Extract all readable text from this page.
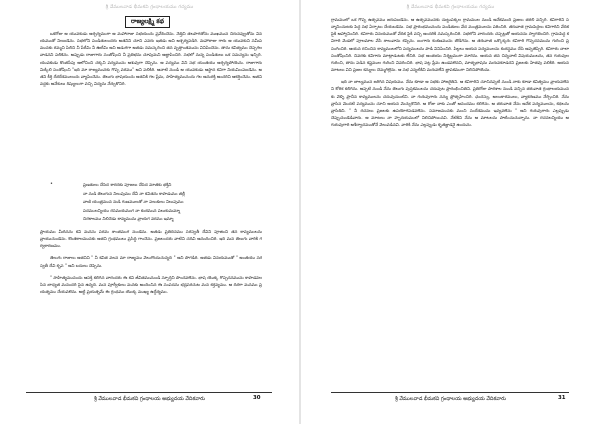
శ్రీ వేములవాడ భీమకవి గ్రంథాలయము గద్యము
రాజ్యలక్ష్మి కథ

ఒకరోజు ఆ యువకుడు ఆశ్చర్యముగా ఆ మహారాజు సభయందు ప్రవేశించెను. నెత్తిని తలపాగతోను ముఖమున చిరునవ్వుతోను వినయముతో నిలబడెను. సభలోని పండితులందరు అతనిని చూచి ఎవరు ఇతడు అని ఆశ్చర్యపడిరి. మహారాజు గారు ఆ యువకుని సమీపమునకు రమ్మని పిలిచి నీ పేరేమి నీ ఊరేమి అని అడుగగా అతడు నమస్కరించి తన వృత్తాంతమును వినిపించెను. తాను కవిత్వము చెప్పగల వాడనని పలికెను. అప్పుడు రాజుగారు సంతోషించి నీ ప్రతిభను చూపుమని ఆజ్ఞాపించిరి. సభలో నున్న పండితులు ఒక సమస్యను ఇచ్చిరి. యువకుడు కొంతసేపు ఆలోచించి చక్కని పద్యమును ఆశువుగా చెప్పెను. ఆ పద్యము విని సభ యంతయు ఆశ్చర్యపోయెను. రాజుగారు మిక్కిలి సంతోషించి "ఇది మా రాజ్యమునకు గొప్ప వరము" అని పలికిరి. ఆనాటి నుండి ఆ యువకుడు ఆస్థాన కవిగా నియమింపబడెను. అతని కీర్తి దేశదేశములందు వ్యాపించెను. తెలుగు భాషయందు అతనికి గల ప్రేమ, సాహిత్యమునందు గల అనురక్తి అందరిని ఆకర్షించెను. అతని వద్దకు అనేకులు శిష్యులుగా వచ్చి విద్యను నేర్చుకొనిరి.

•	ప్రణతులు చేసెద శారదకు పూజలు చేసెద మాతకు భక్తిని
నా నుడి తెలుగున నిలుపుము దేవీ నా కవితను కాపాడుము తల్లీ
వాణి యంత్రమున నుడి గుణములతో నా పలుకులు నిలుపుము
పదములన్నియు రసమయముగ నా కంఠమున పలుకుమమ్మా
చిరకాలము నిలిచెడు కావ్యమును వ్రాయగ వరము ఇమ్మా

ప్రాయము మీరినను కవి మనసు పరమ శాంతముగ నుండెను. అతడు ప్రతిదినము సరస్వతీ దేవిని పూజించి తన కావ్యములను వ్రాయుచుండెను. కొంతకాలమునకు అతని గ్రంథములు ప్రసిద్ధి గాంచెను. ప్రజలందరు వాటిని చదివి ఆనందించిరి. ఇది మన తెలుగు వారికి గర్వకారణము.

తెలుగు రాజులు అతనిని " నీ కవిత వలన మా రాజ్యము వెలుగొందుచున్నది " అని పొగడిరి. అతడు వినయముతో " అంతయు సరస్వతీ దేవి కృప " అని బదులు చెప్పెను.

" సాహిత్యమునందు ఆసక్తి కలిగిన వారందరు ఈ కవి జీవితమునుండి స్ఫూర్తిని పొందవలెను. భాష యొక్క గొప్పదనమును కాపాడవలసిన బాధ్యత మనందరి పైన ఉన్నది. మన పూర్వీకులు మనకు అందించిన ఈ సంపదను భద్రపరచుట మన కర్తవ్యము. ఆ దిశగా మనము ప్రయత్నము చేయవలెను. అట్టి ప్రయత్నమే ఈ గ్రంథము యొక్క ముఖ్య ఉద్దేశ్యము.

శ్రీ వేములవాడ భీమకవి గ్రంథాలయ అభ్యుదయ వేదికవారు	30
శ్రీ వేములవాడ భీమకవి గ్రంథాలయము గద్యము

గ్రామములో ఒక గొప్ప ఉత్సవము జరుపబడెను. ఆ ఉత్సవమునకు చుట్టుపక్కల గ్రామముల నుండి అనేకమంది ప్రజలు తరలి వచ్చిరి. కవిగారిని సన్మానించుటకు పెద్ద సభ ఏర్పాటు చేయబడెను. సభ ప్రారంభమునందు పండితులు వేద మంత్రములను పఠించిరి. తరువాత గ్రామపెద్దలు కవిగారిని వేదిక పైకి ఆహ్వానించిరి. కవిగారు వినయముతో వేదిక పైకి వచ్చి అందరికి నమస్కరించిరి. సభలోని వారందరు చప్పట్లతో ఆయనను స్వాగతించిరి. గ్రామపెద్ద కవిగారి మెడలో పూలమాల వేసి శాలువాను కప్పెను. బంగారు కంకణమును తొడిగెను. ఆ తరువాత ఒక్కొక్కరు కవిగారి గొప్పదనమును గురించి ప్రసంగించిరి. ఆయన రచించిన కావ్యములలోని పద్యములను పాడి వినిపించిరి. పిల్లలు ఆయన పద్యములను కంఠస్థము చేసి అప్పజెప్పిరి. కవిగారు చాలా సంతోషించిరి. చివరకు కవిగారు మాట్లాడుటకు లేచిరి. సభ అంతయు నిశ్శబ్దముగా మారెను. ఆయన తన చిన్ననాటి విషయములను, తన గురువుల గురించి, తాను పడిన కష్టముల గురించి వివరించిరి. భాష పట్ల ప్రేమ ఉండవలెనని, మాతృభాషను మరువకూడదని ప్రజలకు హితవు పలికిరి. ఆయన మాటలు విని ప్రజల కన్నులు చెమ్మగిల్లెను. ఆ సభ ఎన్నటికిని మరువలేని జ్ఞాపకముగా నిలిచిపోయెను.

ఇది నా బాల్యమున జరిగిన విషయము. నేను కూడా ఆ సభకు హాజరైతిని. ఆ కవిగారిని చూచినప్పటి నుండి నాకు కూడా కవిత్వము వ్రాయవలెనని కోరిక కలిగెను. అప్పటి నుండి నేను తెలుగు పుస్తకములను చదువుట ప్రారంభించితిని. ప్రతిరోజు పాఠశాల నుండి వచ్చిన తరువాత గ్రంథాలయమునకు వెళ్ళి ప్రాచీన కావ్యములను చదువుచుంటిని. నా గురువుగారు నన్ను ప్రోత్సహించిరి. ఛందస్సు, అలంకారములు, వ్యాకరణము నేర్పించిరి. నేను వ్రాసిన మొదటి పద్యమును చూచి ఆయన మెచ్చుకొనిరి. ఆ రోజు నాకు ఎంతో ఆనందము కలిగెను. ఆ తరువాత నేను అనేక పద్యములను, కథలను వ్రాసితిని. " నీ రచనలు ప్రజలకు ఉపయోగపడవలెను. సమాజమునకు మంచి సందేశమును ఇవ్వవలెను " అని గురువుగారు ఎల్లప్పుడు చెప్పుచుండెడివారు. ఆ మాటలు నా హృదయములో నిలిచిపోయినవి. నేటికిని నేను ఆ మాటలను పాటించుచున్నాను. నా రచనలన్నియు ఆ గురువుగారి ఆశీర్వాదముతోనే వెలువడినవి. వారికి నేను ఎల్లప్పుడు కృతజ్ఞుడనై ఉందును.

శ్రీ వేములవాడ భీమకవి గ్రంథాలయ అభ్యుదయ వేదికవారు	31
